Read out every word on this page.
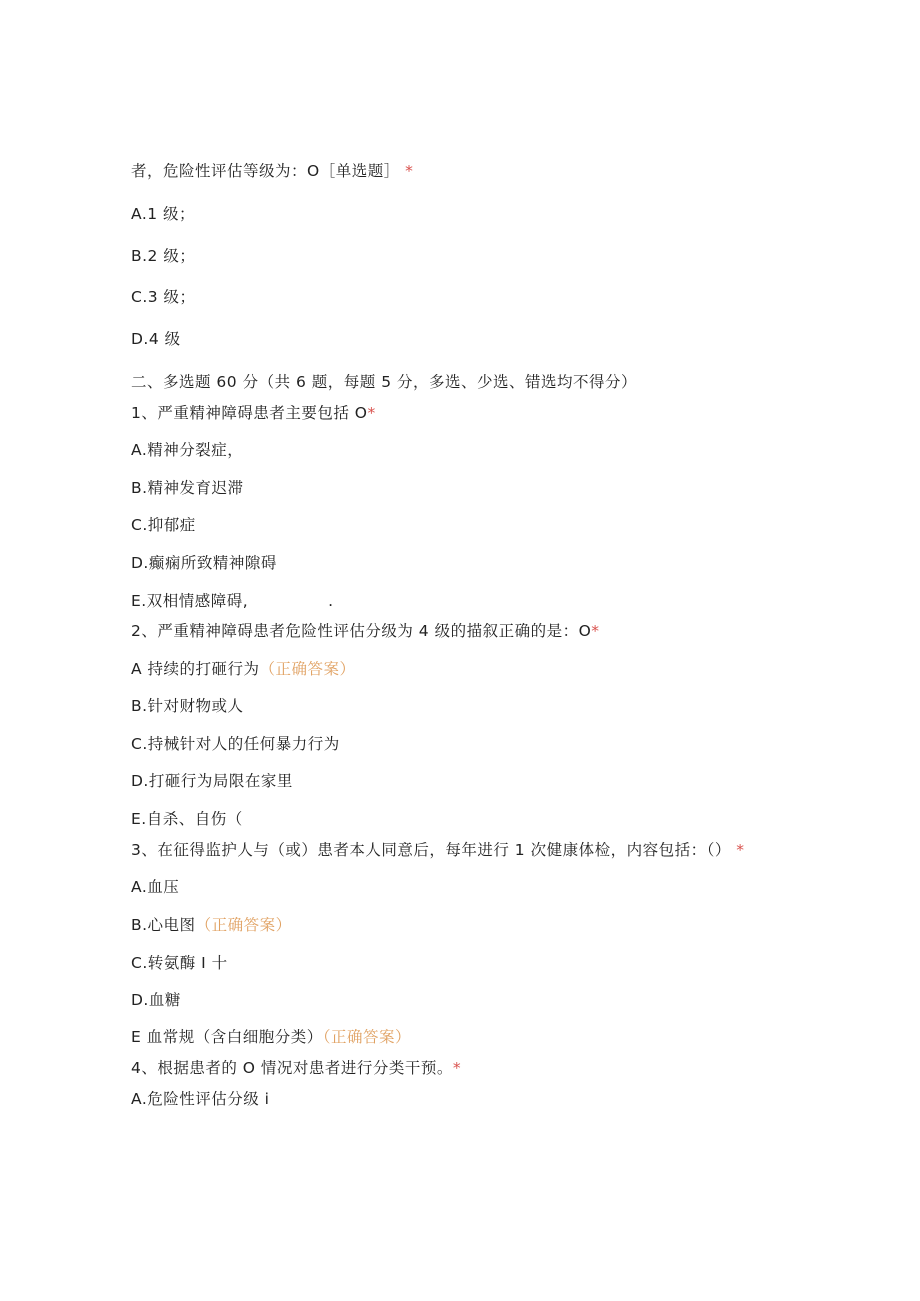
者，危险性评估等级为：O［单选题］ *
A.1 级；
B.2 级；
C.3 级；
D.4 级
二、多选题 60 分（共 6 题，每题 5 分，多选、少选、错选均不得分）
1、严重精神障碍患者主要包括 O*
A.精神分裂症，
B.精神发育迟滞
C.抑郁症
D.癫痫所致精神隙碍
E.双相情感障碍,	.
2、严重精神障碍患者危险性评估分级为 4 级的描叙正确的是：O*
A 持续的打砸行为（正确答案）
B.针对财物或人
C.持械针对人的任何暴力行为
D.打砸行为局限在家里
E.自杀、自伤（
3、在征得监护人与（或）患者本人同意后，每年进行 1 次健康体检，内容包括：（） *
A.血压
B.心电图（正确答案）
C.转氨酶 I 十
D.血糖
E 血常规（含白细胞分类）（正确答案）
4、根据患者的 O 情况对患者进行分类干预。*
A.危险性评估分级 i
